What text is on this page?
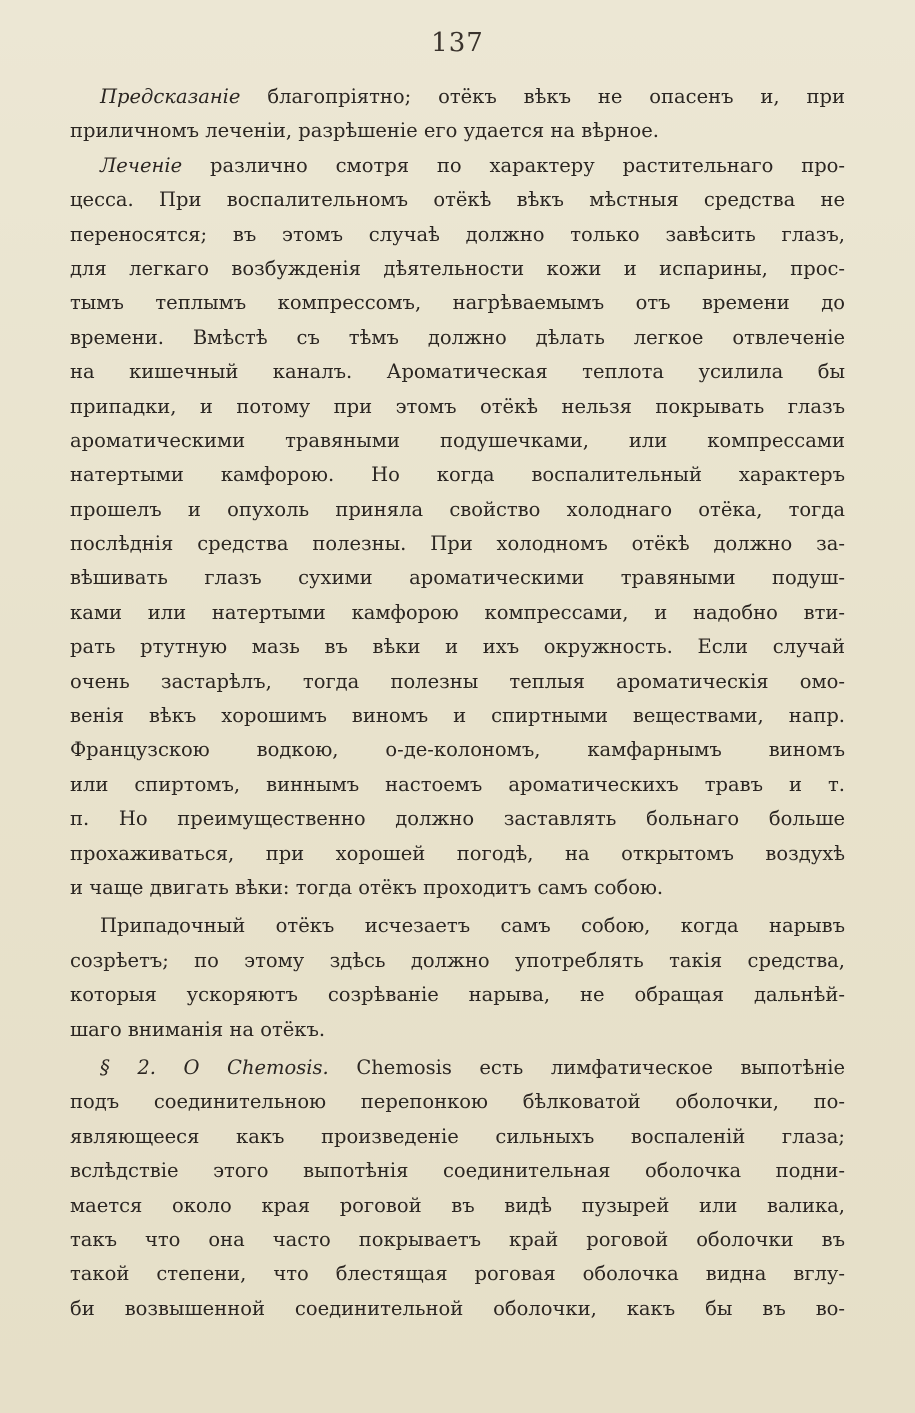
137
Предсказаніе благопріятно; отёкъ вѣкъ не опасенъ и, при
приличномъ леченіи, разрѣшеніе его удается на вѣрное.
Леченіе различно смотря по характеру растительнаго про-
цесса. При воспалительномъ отёкѣ вѣкъ мѣстныя средства не
переносятся; въ этомъ случаѣ должно только завѣсить глазъ,
для легкаго возбужденія дѣятельности кожи и испарины, прос-
тымъ теплымъ компрессомъ, нагрѣваемымъ отъ времени до
времени. Вмѣстѣ съ тѣмъ должно дѣлать легкое отвлеченіе
на кишечный каналъ. Ароматическая теплота усилила бы
припадки, и потому при этомъ отёкѣ нельзя покрывать глазъ
ароматическими травяными подушечками, или компрессами
натертыми камфорою. Но когда воспалительный характеръ
прошелъ и опухоль приняла свойство холоднаго отёка, тогда
послѣднія средства полезны. При холодномъ отёкѣ должно за-
вѣшивать глазъ сухими ароматическими травяными подуш-
ками или натертыми камфорою компрессами, и надобно вти-
рать ртутную мазь въ вѣки и ихъ окружность. Если случай
очень застарѣлъ, тогда полезны теплыя ароматическія омо-
венія вѣкъ хорошимъ виномъ и спиртными веществами, напр.
Французскою водкою, о-де-колономъ, камфарнымъ виномъ
или спиртомъ, виннымъ настоемъ ароматическихъ травъ и т.
п. Но преимущественно должно заставлять больнаго больше
прохаживаться, при хорошей погодѣ, на открытомъ воздухѣ
и чаще двигать вѣки: тогда отёкъ проходитъ самъ собою.
Припадочный отёкъ исчезаетъ самъ собою, когда нарывъ
созрѣетъ; по этому здѣсь должно употреблять такія средства,
которыя ускоряютъ созрѣваніе нарыва, не обращая дальнѣй-
шаго вниманія на отёкъ.
§ 2. О Chemosis. Chemosis есть лимфатическое выпотѣніе
подъ соединительною перепонкою бѣлковатой оболочки, по-
являющееся какъ произведеніе сильныхъ воспаленій глаза;
вслѣдствіе этого выпотѣнія соединительная оболочка подни-
мается около края роговой въ видѣ пузырей или валика,
такъ что она часто покрываетъ край роговой оболочки въ
такой степени, что блестящая роговая оболочка видна вглу-
би возвышенной соединительной оболочки, какъ бы въ во-
